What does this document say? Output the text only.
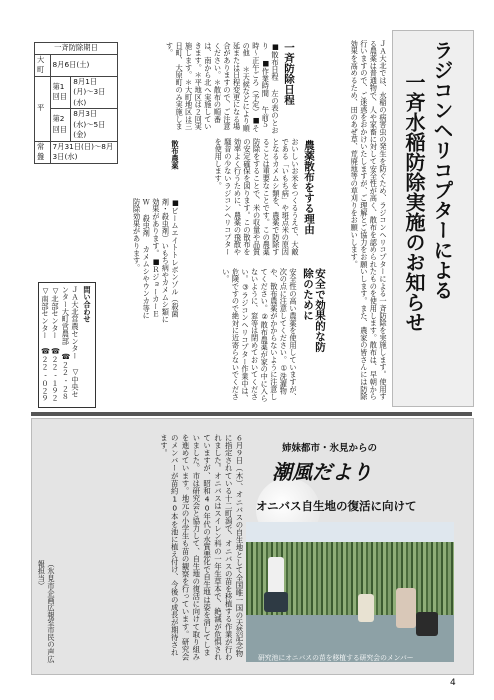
ラジコンヘリコプターによる
一斉水稲防除実施のお知らせ
ＪＡ大北では、水稲の病害虫の発生を防ぐため、ラジコンヘリコプターによる一斉防除を実施します。使用する農薬は普通物で、人や家畜に対して安全性が高く、散布を認められたものを使用します。散布は、早朝から行いますので、ご迷惑をおかけいたしますが、ご理解とご協力をお願いします。また、農家の皆さんには防除効果を高めるため、田のあぜ草、荒廃地等の草刈りをお願いします。
農薬散布をする理由
おいしいお米をつくるうえで、大敵である「いもち病」や斑点米の原因となるカメムシ類を、農薬で防除することは重要なことです。この農薬防除をすることで、米の収量や品質の安定確保を図ります。この散布を効率よく行うために、農薬の飛散や騒音の少ないラジコンヘリコプターを使用します。
安全で効果的な防除のために
安全性の高い農薬を使用していますが、次の点に注意してください。①洗濯物や、散布農薬がかからないように注意してください。②散布農薬が家の中に入らないように、窓等は閉めておいてください。③ラジコンヘリコプター作業中は、危険ですので絶対に近寄らないでください。
一斉防除日程
■散布日程 左の表のとおり ■作業時間 午前５時〜正午ごろ（予定）■その他 ＊天候などにより順延または日程変更になる場合がありますので、ご注意ください。＊散布の順番は、南から北へ実施していきます。＊平地区は２回実施します。＊大町地区は三日町、大原町のみ実施します。
散布農薬
■ビームエイトトレボンゾル（殺菌剤・殺虫剤）いもち病やカメムシ類に効果があります。■ＲジョーカーＥＷ 殺虫剤 カメムシやウンカ等に防除効果があります。
一斉防除期日		
大町	8月6日(土)	
平	第1回目	8月1日(月)〜3日(水)
	第2回目	8月3日(水)〜5日(金)
常盤	7月31日(日)〜8月3日(水)	
問い合わせ
ＪＡ大北営農センター　▽中央センター大町営農部　☎２２-２８
▽北部センター　☎２２-１９２
▽南部センター　☎２２-０２９
姉妹都市・氷見からの
潮風だより
オニバス自生地の復活に向けて
６月９日（木）、オニバスの自生地として全国唯一国の天然記念物に指定されている十二町潟で、オニバスの苗を移植する作業が行われました。オニバスはスイレン科の一年生草本で、絶滅が危惧されていますが、昭和40年代の水質悪化で自生地は姿を消してしまいました。市は研究会と協力して、自生地の復活に向けて取り組みを進めています。地元の小学生も苗の観察を行っています。研究会のメンバーが苗約10本を池に植え付け、今後の成長が期待されます。
（氷見市企画広報室市民の声広報担当）
研究池にオニバスの苗を移植する研究会のメンバー
4
